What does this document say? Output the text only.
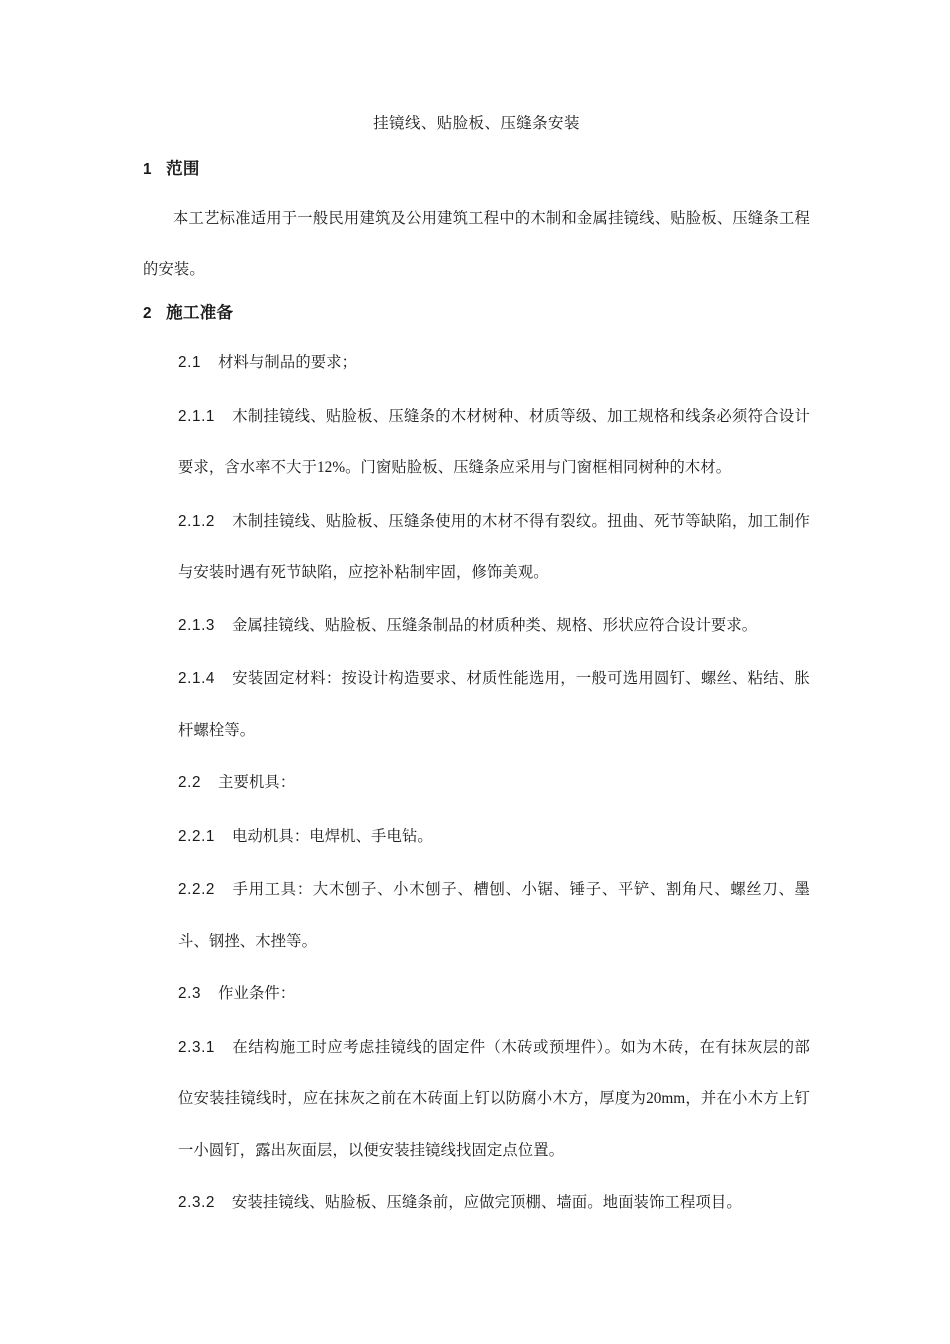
挂镜线、贴脸板、压缝条安装
1 范围

本工艺标准适用于一般民用建筑及公用建筑工程中的木制和金属挂镜线、贴脸板、压缝条工程的安装。

2 施工准备

2.1 材料与制品的要求；

2.1.1 木制挂镜线、贴脸板、压缝条的木材树种、材质等级、加工规格和线条必须符合设计要求，含水率不大于12%。门窗贴脸板、压缝条应采用与门窗框相同树种的木材。

2.1.2 木制挂镜线、贴脸板、压缝条使用的木材不得有裂纹。扭曲、死节等缺陷，加工制作与安装时遇有死节缺陷，应挖补粘制牢固，修饰美观。

2.1.3 金属挂镜线、贴脸板、压缝条制品的材质种类、规格、形状应符合设计要求。

2.1.4 安装固定材料：按设计构造要求、材质性能选用，一般可选用圆钉、螺丝、粘结、胀杆螺栓等。

2.2 主要机具：

2.2.1 电动机具：电焊机、手电钻。

2.2.2 手用工具：大木刨子、小木刨子、槽刨、小锯、锤子、平铲、割角尺、螺丝刀、墨斗、钢挫、木挫等。

2.3 作业条件：

2.3.1 在结构施工时应考虑挂镜线的固定件（木砖或预埋件）。如为木砖，在有抹灰层的部位安装挂镜线时，应在抹灰之前在木砖面上钉以防腐小木方，厚度为20mm，并在小木方上钉一小圆钉，露出灰面层，以便安装挂镜线找固定点位置。

2.3.2 安装挂镜线、贴脸板、压缝条前，应做完顶棚、墙面。地面装饰工程项目。
